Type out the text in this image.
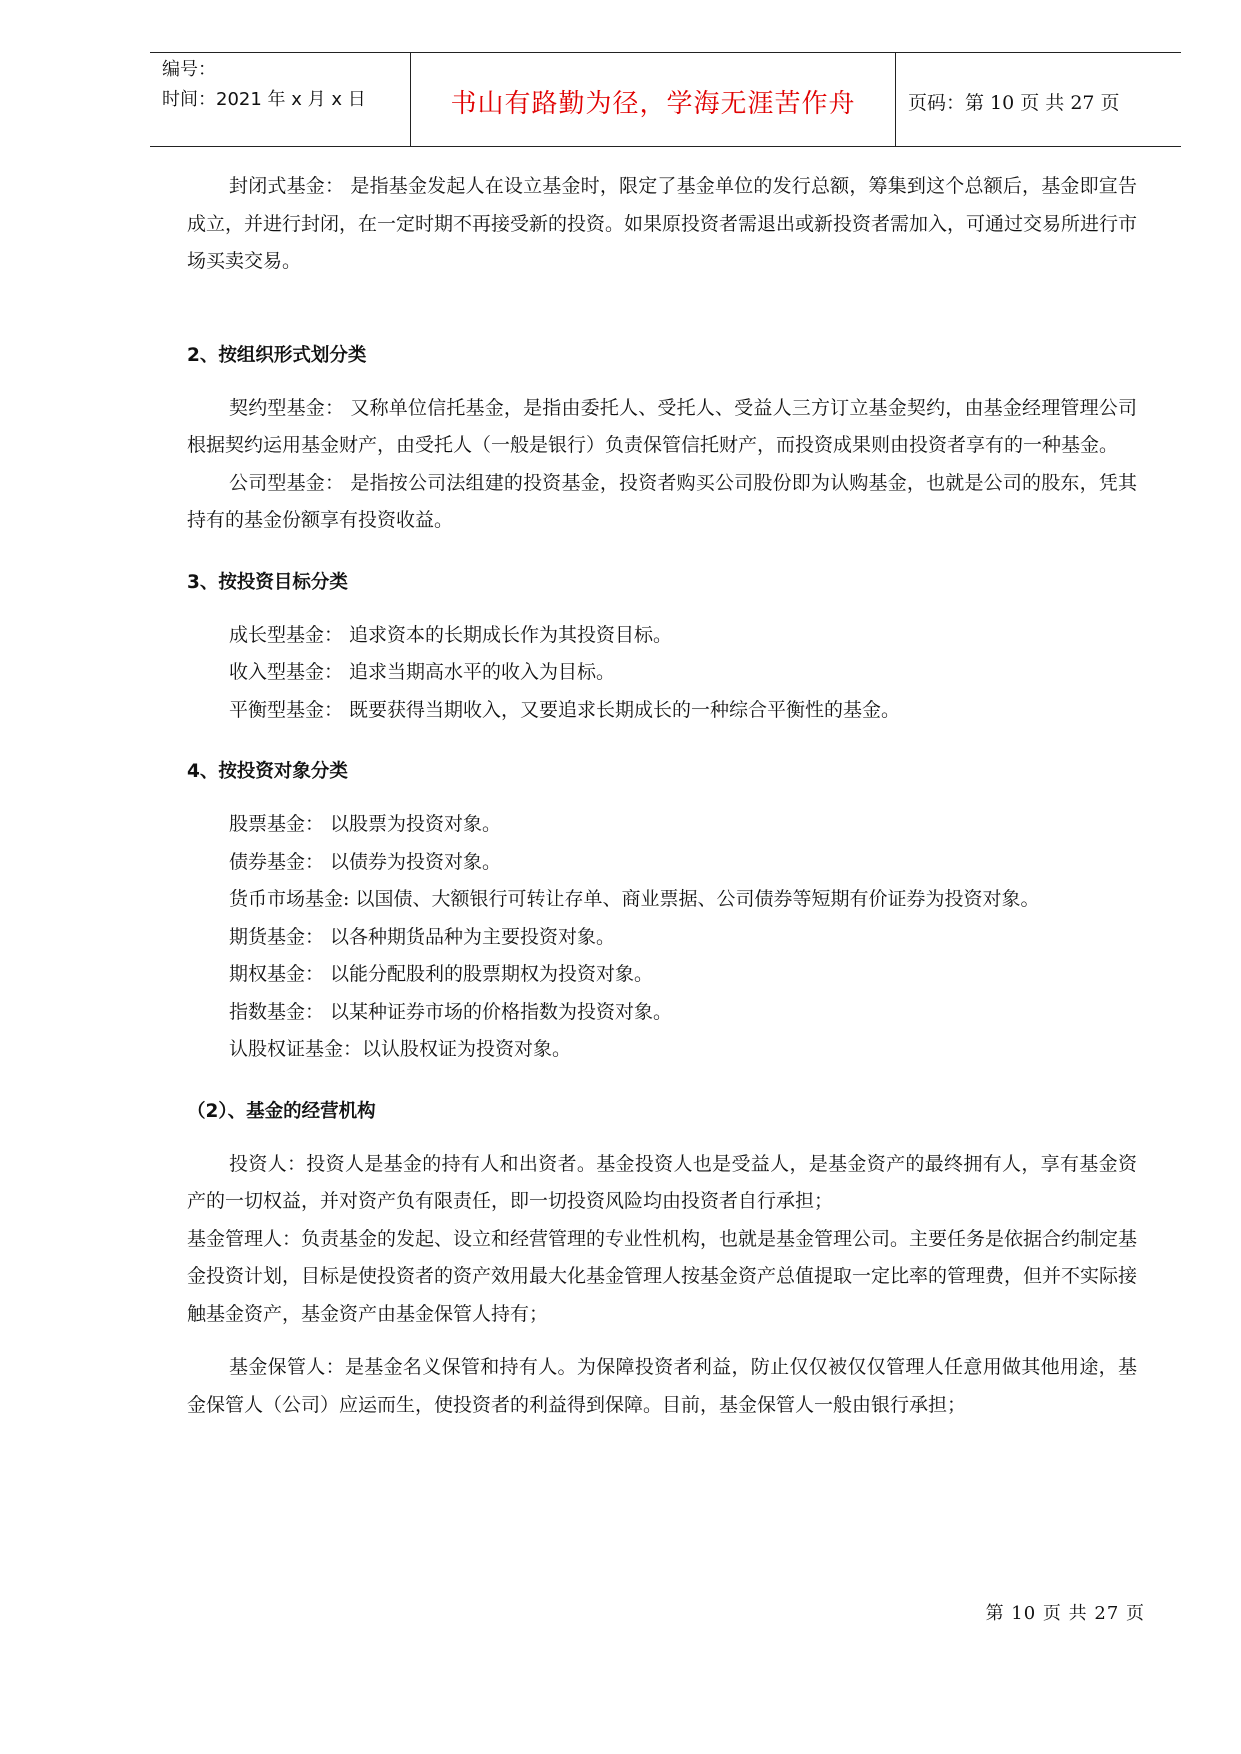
编号：
时间：2021 年 x 月 x 日	书山有路勤为径，学海无涯苦作舟	页码：第 10 页 共 27 页

封闭式基金： 是指基金发起人在设立基金时，限定了基金单位的发行总额，筹集到这个总额后，基金即宣告成立，并进行封闭，在一定时期不再接受新的投资。如果原投资者需退出或新投资者需加入，可通过交易所进行市场买卖交易。

2、按组织形式划分类

契约型基金： 又称单位信托基金，是指由委托人、受托人、受益人三方订立基金契约，由基金经理管理公司根据契约运用基金财产，由受托人（一般是银行）负责保管信托财产，而投资成果则由投资者享有的一种基金。

公司型基金： 是指按公司法组建的投资基金，投资者购买公司股份即为认购基金，也就是公司的股东，凭其持有的基金份额享有投资收益。

3、按投资目标分类

成长型基金： 追求资本的长期成长作为其投资目标。

收入型基金： 追求当期高水平的收入为目标。

平衡型基金： 既要获得当期收入，又要追求长期成长的一种综合平衡性的基金。

4、按投资对象分类

股票基金： 以股票为投资对象。

债券基金： 以债券为投资对象。

货币市场基金: 以国债、大额银行可转让存单、商业票据、公司债券等短期有价证券为投资对象。

期货基金： 以各种期货品种为主要投资对象。

期权基金： 以能分配股利的股票期权为投资对象。

指数基金： 以某种证券市场的价格指数为投资对象。

认股权证基金：以认股权证为投资对象。

（2）、基金的经营机构

投资人：投资人是基金的持有人和出资者。基金投资人也是受益人，是基金资产的最终拥有人，享有基金资产的一切权益，并对资产负有限责任，即一切投资风险均由投资者自行承担；

基金管理人：负责基金的发起、设立和经营管理的专业性机构，也就是基金管理公司。主要任务是依据合约制定基金投资计划，目标是使投资者的资产效用最大化基金管理人按基金资产总值提取一定比率的管理费，但并不实际接触基金资产，基金资产由基金保管人持有；

基金保管人：是基金名义保管和持有人。为保障投资者利益，防止仅仅被仅仅管理人任意用做其他用途，基金保管人（公司）应运而生，使投资者的利益得到保障。目前，基金保管人一般由银行承担；

第 10 页 共 27 页
